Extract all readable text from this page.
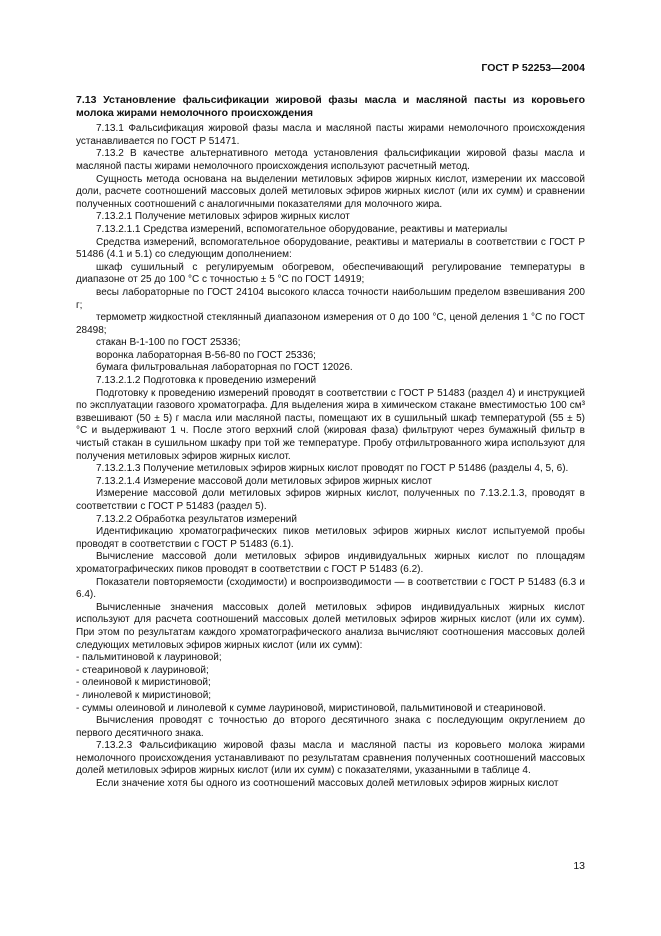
ГОСТ Р 52253—2004

7.13 Установление фальсификации жировой фазы масла и масляной пасты из коровьего молока жирами немолочного происхождения

7.13.1 Фальсификация жировой фазы масла и масляной пасты жирами немолочного происхождения устанавливается по ГОСТ Р 51471.

7.13.2 В качестве альтернативного метода установления фальсификации жировой фазы масла и масляной пасты жирами немолочного происхождения используют расчетный метод.

Сущность метода основана на выделении метиловых эфиров жирных кислот, измерении их массовой доли, расчете соотношений массовых долей метиловых эфиров жирных кислот (или их сумм) и сравнении полученных соотношений с аналогичными показателями для молочного жира.

7.13.2.1 Получение метиловых эфиров жирных кислот

7.13.2.1.1 Средства измерений, вспомогательное оборудование, реактивы и материалы

Средства измерений, вспомогательное оборудование, реактивы и материалы в соответствии с ГОСТ Р 51486 (4.1 и 5.1) со следующим дополнением:

шкаф сушильный с регулируемым обогревом, обеспечивающий регулирование температуры в диапазоне от 25 до 100 °C с точностью ± 5 °C по ГОСТ 14919;

весы лабораторные по ГОСТ 24104 высокого класса точности наибольшим пределом взвешивания 200 г;

термометр жидкостной стеклянный диапазоном измерения от 0 до 100 °C, ценой деления 1 °C по ГОСТ 28498;

стакан В-1-100 по ГОСТ 25336;

воронка лабораторная В-56-80 по ГОСТ 25336;

бумага фильтровальная лабораторная по ГОСТ 12026.

7.13.2.1.2 Подготовка к проведению измерений

Подготовку к проведению измерений проводят в соответствии с ГОСТ Р 51483 (раздел 4) и инструкцией по эксплуатации газового хроматографа. Для выделения жира в химическом стакане вместимостью 100 см³ взвешивают (50 ± 5) г масла или масляной пасты, помещают их в сушильный шкаф температурой (55 ± 5) °C и выдерживают 1 ч. После этого верхний слой (жировая фаза) фильтруют через бумажный фильтр в чистый стакан в сушильном шкафу при той же температуре. Пробу отфильтрованного жира используют для получения метиловых эфиров жирных кислот.

7.13.2.1.3 Получение метиловых эфиров жирных кислот проводят по ГОСТ Р 51486 (разделы 4, 5, 6).

7.13.2.1.4 Измерение массовой доли метиловых эфиров жирных кислот

Измерение массовой доли метиловых эфиров жирных кислот, полученных по 7.13.2.1.3, проводят в соответствии с ГОСТ Р 51483 (раздел 5).

7.13.2.2 Обработка результатов измерений

Идентификацию хроматографических пиков метиловых эфиров жирных кислот испытуемой пробы проводят в соответствии с ГОСТ Р 51483 (6.1).

Вычисление массовой доли метиловых эфиров индивидуальных жирных кислот по площадям хроматографических пиков проводят в соответствии с ГОСТ Р 51483 (6.2).

Показатели повторяемости (сходимости) и воспроизводимости — в соответствии с ГОСТ Р 51483 (6.3 и 6.4).

Вычисленные значения массовых долей метиловых эфиров индивидуальных жирных кислот используют для расчета соотношений массовых долей метиловых эфиров жирных кислот (или их сумм). При этом по результатам каждого хроматографического анализа вычисляют соотношения массовых долей следующих метиловых эфиров жирных кислот (или их сумм):

- пальмитиновой к лауриновой;

- стеариновой к лауриновой;

- олеиновой к миристиновой;

- линолевой к миристиновой;

- суммы олеиновой и линолевой к сумме лауриновой, миристиновой, пальмитиновой и стеариновой.

Вычисления проводят с точностью до второго десятичного знака с последующим округлением до первого десятичного знака.

7.13.2.3 Фальсификацию жировой фазы масла и масляной пасты из коровьего молока жирами немолочного происхождения устанавливают по результатам сравнения полученных соотношений массовых долей метиловых эфиров жирных кислот (или их сумм) с показателями, указанными в таблице 4.

Если значение хотя бы одного из соотношений массовых долей метиловых эфиров жирных кислот

13
